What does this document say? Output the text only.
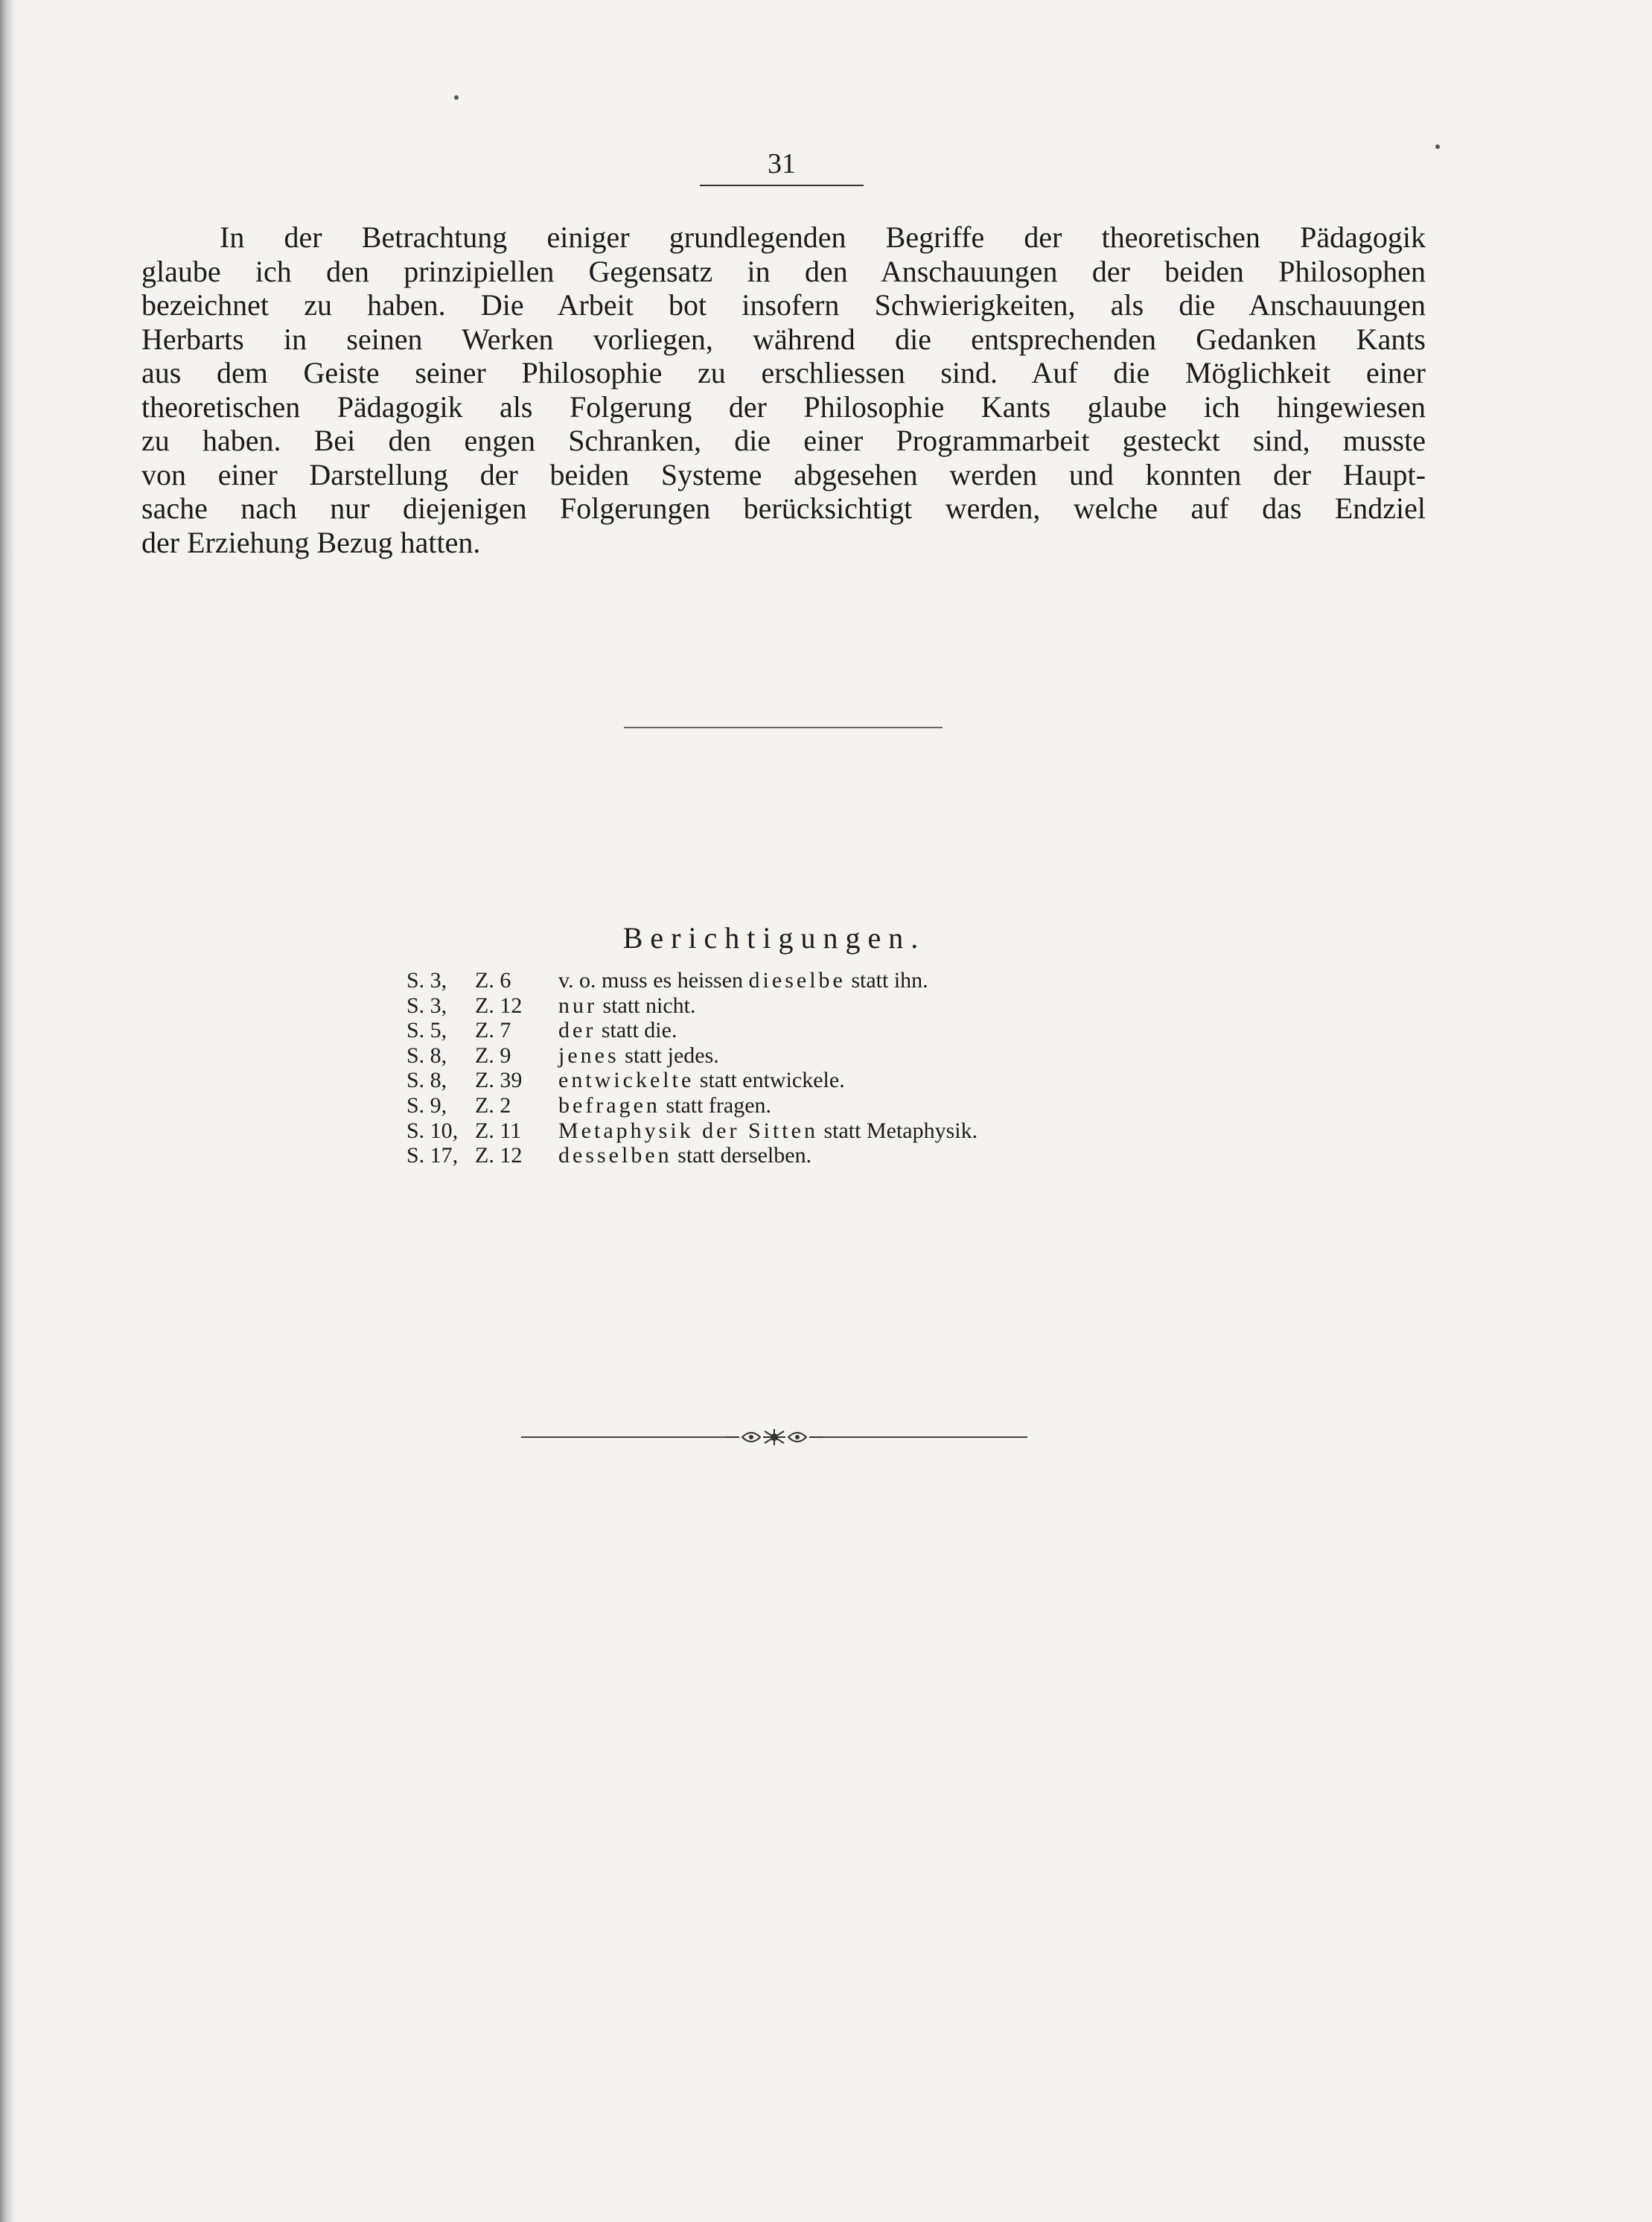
31
In der Betrachtung einiger grundlegenden Begriffe der theoretischen Pädagogik
glaube ich den prinzipiellen Gegensatz in den Anschauungen der beiden Philosophen
bezeichnet zu haben. Die Arbeit bot insofern Schwierigkeiten, als die Anschauungen
Herbarts in seinen Werken vorliegen, während die entsprechenden Gedanken Kants
aus dem Geiste seiner Philosophie zu erschliessen sind. Auf die Möglichkeit einer
theoretischen Pädagogik als Folgerung der Philosophie Kants glaube ich hingewiesen
zu haben. Bei den engen Schranken, die einer Programmarbeit gesteckt sind, musste
von einer Darstellung der beiden Systeme abgesehen werden und konnten der Haupt-
sache nach nur diejenigen Folgerungen berücksichtigt werden, welche auf das Endziel
der Erziehung Bezug hatten.
Berichtigungen.
S. 3,	Z. 6	v. o. muss es heissen dieselbe statt ihn.
S. 3,	Z. 12	nur statt nicht.
S. 5,	Z. 7	der statt die.
S. 8,	Z. 9	jenes statt jedes.
S. 8,	Z. 39	entwickelte statt entwickele.
S. 9,	Z. 2	befragen statt fragen.
S. 10, Z. 11	Metaphysik der Sitten statt Metaphysik.
S. 17, Z. 12	desselben statt derselben.
